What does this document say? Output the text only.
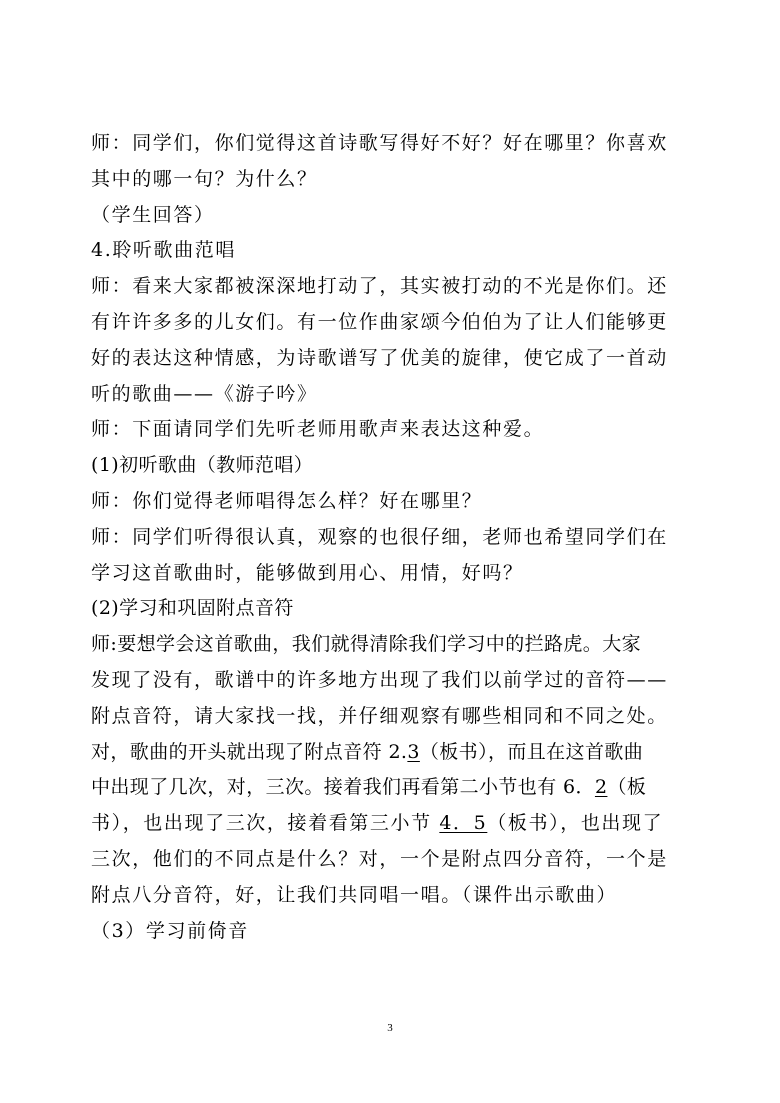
师：同学们，你们觉得这首诗歌写得好不好？好在哪里？你喜欢
其中的哪一句？为什么？
（学生回答）
4.聆听歌曲范唱
师：看来大家都被深深地打动了，其实被打动的不光是你们。还
有许许多多的儿女们。有一位作曲家颂今伯伯为了让人们能够更
好的表达这种情感，为诗歌谱写了优美的旋律，使它成了一首动
听的歌曲——《游子吟》
师：下面请同学们先听老师用歌声来表达这种爱。
(1)初听歌曲（教师范唱）
师：你们觉得老师唱得怎么样？好在哪里？
师：同学们听得很认真，观察的也很仔细，老师也希望同学们在
学习这首歌曲时，能够做到用心、用情，好吗？
(2)学习和巩固附点音符
师:要想学会这首歌曲，我们就得清除我们学习中的拦路虎。大家
发现了没有，歌谱中的许多地方出现了我们以前学过的音符——
附点音符，请大家找一找，并仔细观察有哪些相同和不同之处。
对，歌曲的开头就出现了附点音符 2.3（板书），而且在这首歌曲
中出现了几次，对，三次。接着我们再看第二小节也有 6．2（板
书），也出现了三次，接着看第三小节 4．5（板书），也出现了
三次，他们的不同点是什么？对，一个是附点四分音符，一个是
附点八分音符，好，让我们共同唱一唱。（课件出示歌曲）
（3）学习前倚音
3
